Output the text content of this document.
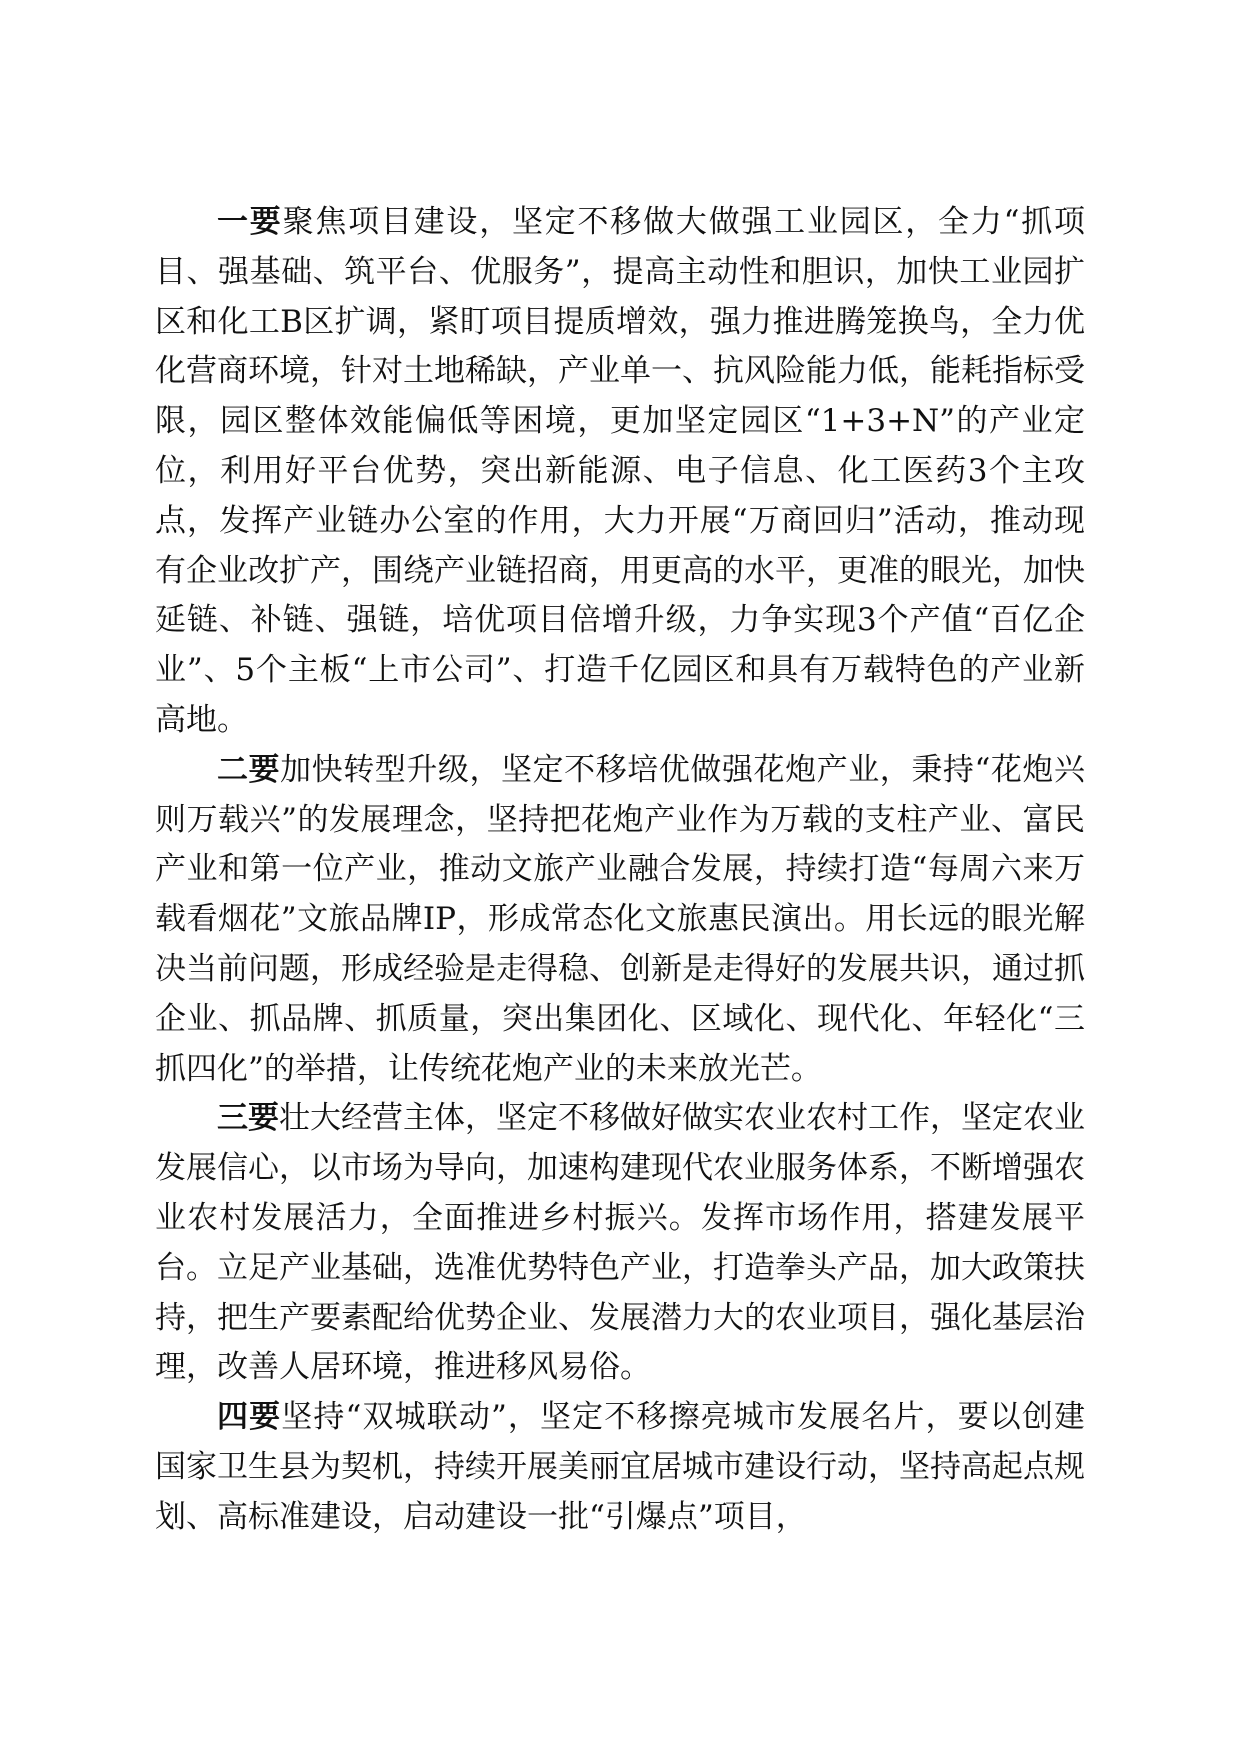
一要聚焦项目建设，坚定不移做大做强工业园区，全力“抓项目、强基础、筑平台、优服务”，提高主动性和胆识，加快工业园扩区和化工B区扩调，紧盯项目提质增效，强力推进腾笼换鸟，全力优化营商环境，针对土地稀缺，产业单一、抗风险能力低，能耗指标受限，园区整体效能偏低等困境，更加坚定园区“1+3+N”的产业定位，利用好平台优势，突出新能源、电子信息、化工医药3个主攻点，发挥产业链办公室的作用，大力开展“万商回归”活动，推动现有企业改扩产，围绕产业链招商，用更高的水平，更准的眼光，加快延链、补链、强链，培优项目倍增升级，力争实现3个产值“百亿企业”、5个主板“上市公司”、打造千亿园区和具有万载特色的产业新高地。

二要加快转型升级，坚定不移培优做强花炮产业，秉持“花炮兴则万载兴”的发展理念，坚持把花炮产业作为万载的支柱产业、富民产业和第一位产业，推动文旅产业融合发展，持续打造“每周六来万载看烟花”文旅品牌IP，形成常态化文旅惠民演出。用长远的眼光解决当前问题，形成经验是走得稳、创新是走得好的发展共识，通过抓企业、抓品牌、抓质量，突出集团化、区域化、现代化、年轻化“三抓四化”的举措，让传统花炮产业的未来放光芒。

三要壮大经营主体，坚定不移做好做实农业农村工作，坚定农业发展信心，以市场为导向，加速构建现代农业服务体系，不断增强农业农村发展活力，全面推进乡村振兴。发挥市场作用，搭建发展平台。立足产业基础，选准优势特色产业，打造拳头产品，加大政策扶持，把生产要素配给优势企业、发展潜力大的农业项目，强化基层治理，改善人居环境，推进移风易俗。

四要坚持“双城联动”，坚定不移擦亮城市发展名片，要以创建国家卫生县为契机，持续开展美丽宜居城市建设行动，坚持高起点规划、高标准建设，启动建设一批“引爆点”项目，
